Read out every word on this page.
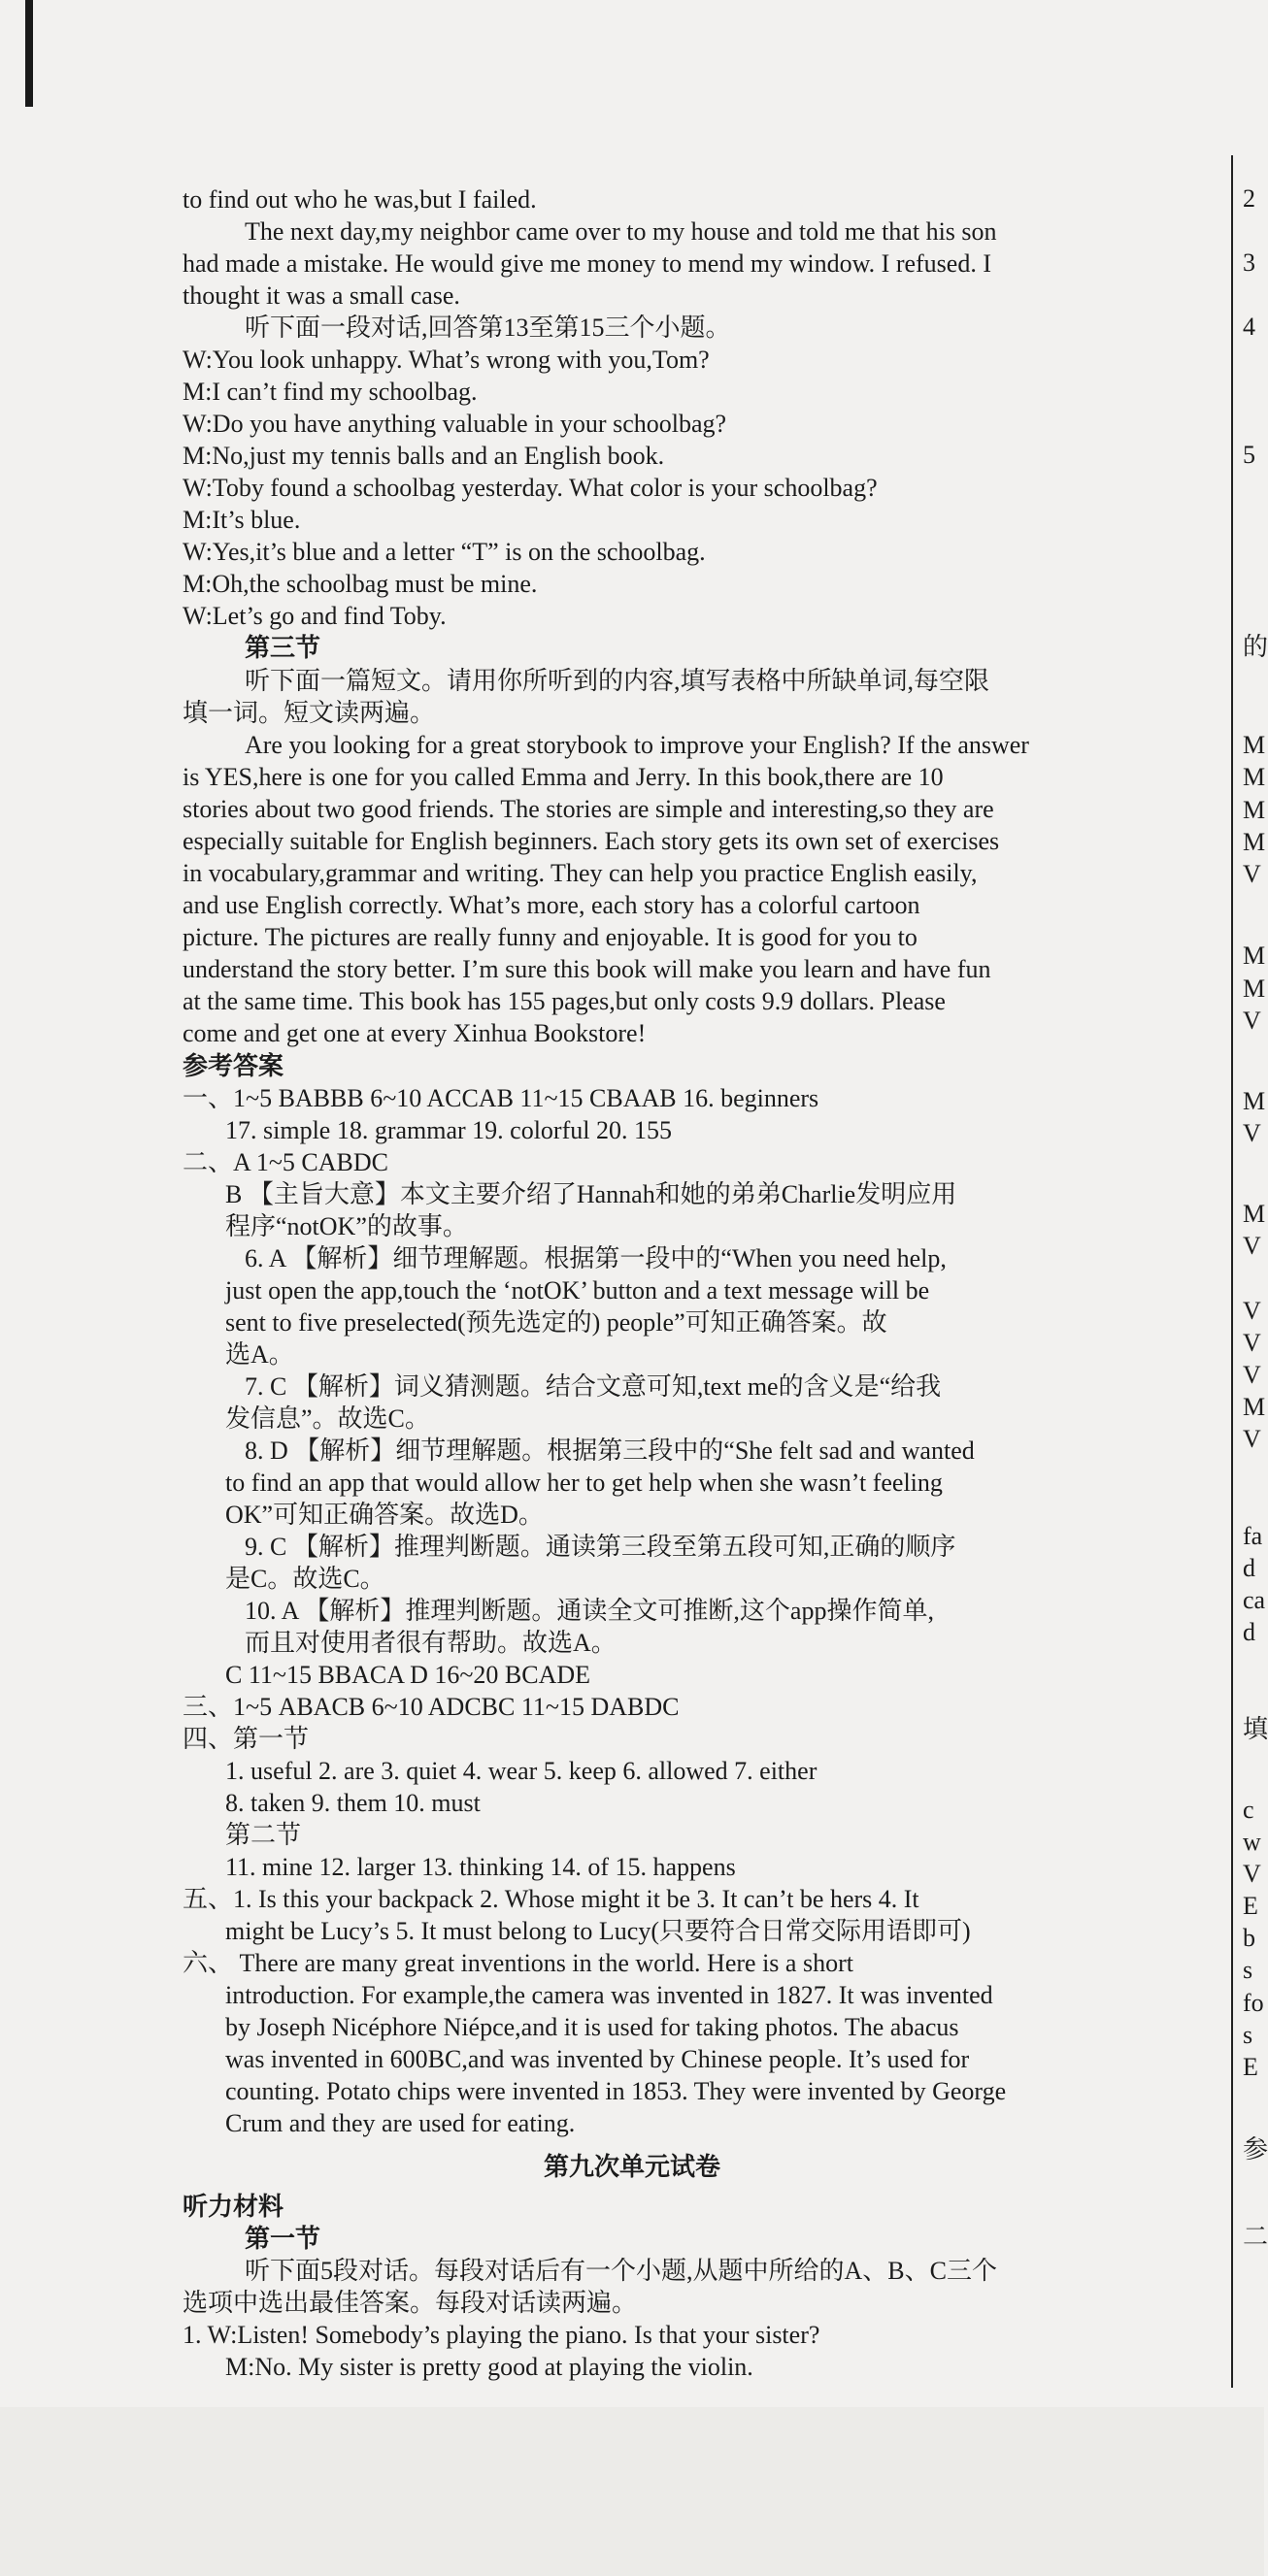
to find out who he was,but I failed.

The next day,my neighbor came over to my house and told me that his son

had made a mistake. He would give me money to mend my window. I refused. I

thought it was a small case.

听下面一段对话,回答第13至第15三个小题。

W:You look unhappy. What’s wrong with you,Tom?

M:I can’t find my schoolbag.

W:Do you have anything valuable in your schoolbag?

M:No,just my tennis balls and an English book.

W:Toby found a schoolbag yesterday. What color is your schoolbag?

M:It’s blue.

W:Yes,it’s blue and a letter “T” is on the schoolbag.

M:Oh,the schoolbag must be mine.

W:Let’s go and find Toby.

第三节

听下面一篇短文。请用你所听到的内容,填写表格中所缺单词,每空限

填一词。短文读两遍。

Are you looking for a great storybook to improve your English? If the answer

is YES,here is one for you called Emma and Jerry. In this book,there are 10

stories about two good friends. The stories are simple and interesting,so they are

especially suitable for English beginners. Each story gets its own set of exercises

in vocabulary,grammar and writing. They can help you practice English easily,

and use English correctly. What’s more, each story has a colorful cartoon

picture. The pictures are really funny and enjoyable. It is good for you to

understand the story better. I’m sure this book will make you learn and have fun

at the same time. This book has 155 pages,but only costs 9.9 dollars. Please

come and get one at every Xinhua Bookstore!

参考答案

一、1~5 BABBB 6~10 ACCAB 11~15 CBAAB 16. beginners

17. simple 18. grammar 19. colorful 20. 155

二、A 1~5 CABDC

B 【主旨大意】本文主要介绍了Hannah和她的弟弟Charlie发明应用

程序“notOK”的故事。

6. A 【解析】细节理解题。根据第一段中的“When you need help,

just open the app,touch the ‘notOK’ button and a text message will be

sent to five preselected(预先选定的) people”可知正确答案。故

选A。

7. C 【解析】词义猜测题。结合文意可知,text me的含义是“给我

发信息”。故选C。

8. D 【解析】细节理解题。根据第三段中的“She felt sad and wanted

to find an app that would allow her to get help when she wasn’t feeling

OK”可知正确答案。故选D。

9. C 【解析】推理判断题。通读第三段至第五段可知,正确的顺序

是C。故选C。

10. A 【解析】推理判断题。通读全文可推断,这个app操作简单,

而且对使用者很有帮助。故选A。

C 11~15 BBACA D 16~20 BCADE

三、1~5 ABACB 6~10 ADCBC 11~15 DABDC

四、第一节

1. useful 2. are 3. quiet 4. wear 5. keep 6. allowed 7. either

8. taken 9. them 10. must

第二节

11. mine 12. larger 13. thinking 14. of 15. happens

五、1. Is this your backpack 2. Whose might it be 3. It can’t be hers 4. It

might be Lucy’s 5. It must belong to Lucy(只要符合日常交际用语即可)

六、 There are many great inventions in the world. Here is a short

introduction. For example,the camera was invented in 1827. It was invented

by Joseph Nicéphore Niépce,and it is used for taking photos. The abacus

was invented in 600BC,and was invented by Chinese people. It’s used for

counting. Potato chips were invented in 1853. They were invented by George

Crum and they are used for eating.

第九次单元试卷

听力材料

第一节

听下面5段对话。每段对话后有一个小题,从题中所给的A、B、C三个

选项中选出最佳答案。每段对话读两遍。

1. W:Listen! Somebody’s playing the piano. Is that your sister?

M:No. My sister is pretty good at playing the violin.

2
3
4
5
的
M
M
M
M
V
M
M
V
M
V
M
V
V
V
V
M
V
fa
d
ca
d
填
c
w
V
E
b
s
fo
s
E
参
二
